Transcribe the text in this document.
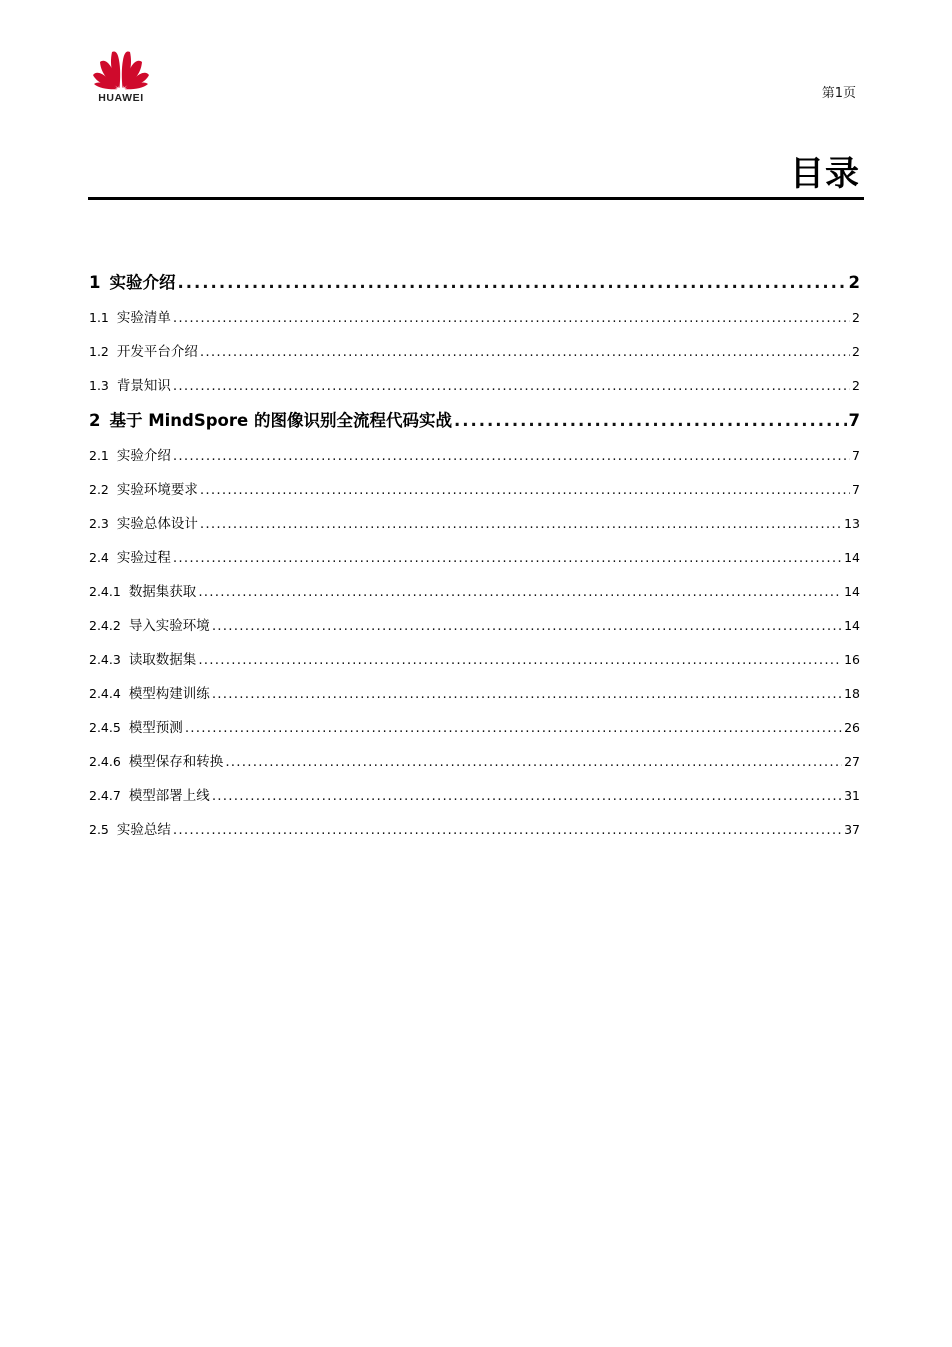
HUAWEI	第1页
目录
1 实验介绍 .....	2
1.1 实验清单 .....	2
1.2 开发平台介绍 .....	2
1.3 背景知识 .....	2
2 基于 MindSpore 的图像识别全流程代码实战 .....	7
2.1 实验介绍 .....	7
2.2 实验环境要求 .....	7
2.3 实验总体设计 .....	13
2.4 实验过程 .....	14
2.4.1 数据集获取 .....	14
2.4.2 导入实验环境 .....	14
2.4.3 读取数据集 .....	16
2.4.4 模型构建训练 .....	18
2.4.5 模型预测 .....	26
2.4.6 模型保存和转换 .....	27
2.4.7 模型部署上线 .....	31
2.5 实验总结 .....	37
